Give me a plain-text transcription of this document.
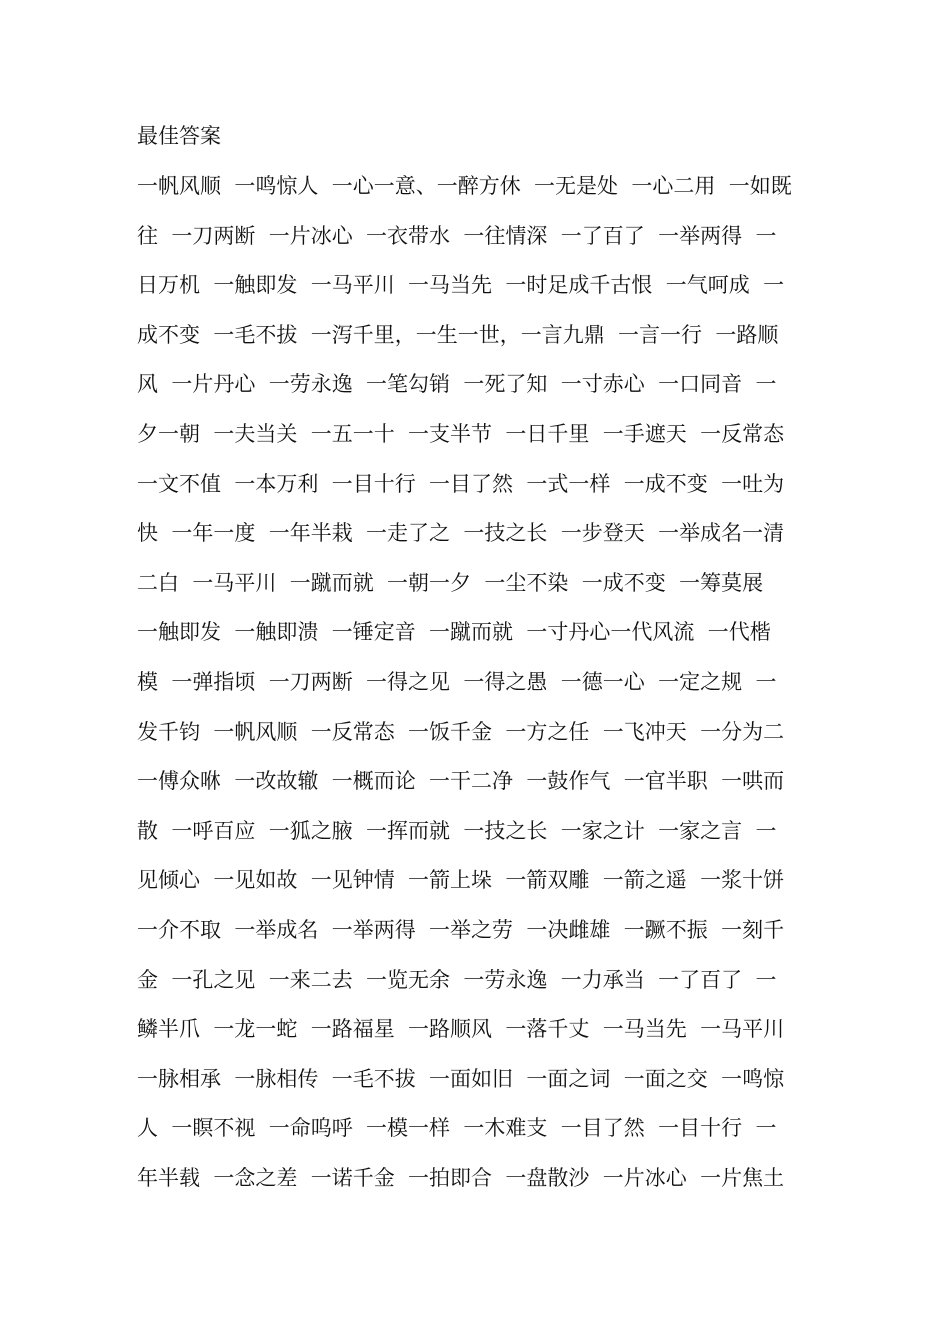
最佳答案
一帆风顺  一鸣惊人  一心一意、一醉方休  一无是处  一心二用  一如既
往  一刀两断  一片冰心  一衣带水  一往情深  一了百了  一举两得  一
日万机  一触即发  一马平川  一马当先  一时足成千古恨  一气呵成  一
成不变  一毛不拔  一泻千里，一生一世，一言九鼎  一言一行  一路顺
风  一片丹心  一劳永逸  一笔勾销  一死了知  一寸赤心  一口同音  一
夕一朝  一夫当关  一五一十  一支半节  一日千里  一手遮天  一反常态
一文不值  一本万利  一目十行  一目了然  一式一样  一成不变  一吐为
快  一年一度  一年半栽  一走了之  一技之长  一步登天  一举成名一清
二白  一马平川  一蹴而就  一朝一夕  一尘不染  一成不变  一筹莫展
一触即发  一触即溃  一锤定音  一蹴而就  一寸丹心一代风流  一代楷
模  一弹指顷  一刀两断  一得之见  一得之愚  一德一心  一定之规  一
发千钧  一帆风顺  一反常态  一饭千金  一方之任  一飞冲天  一分为二
一傅众咻  一改故辙  一概而论  一干二净  一鼓作气  一官半职  一哄而
散  一呼百应  一狐之腋  一挥而就  一技之长  一家之计  一家之言  一
见倾心  一见如故  一见钟情  一箭上垛  一箭双雕  一箭之遥  一浆十饼
一介不取  一举成名  一举两得  一举之劳  一决雌雄  一蹶不振  一刻千
金  一孔之见  一来二去  一览无余  一劳永逸  一力承当  一了百了  一
鳞半爪  一龙一蛇  一路福星  一路顺风  一落千丈  一马当先  一马平川
一脉相承  一脉相传  一毛不拔  一面如旧  一面之词  一面之交  一鸣惊
人  一瞑不视  一命呜呼  一模一样  一木难支  一目了然  一目十行  一
年半载  一念之差  一诺千金  一拍即合  一盘散沙  一片冰心  一片焦土
